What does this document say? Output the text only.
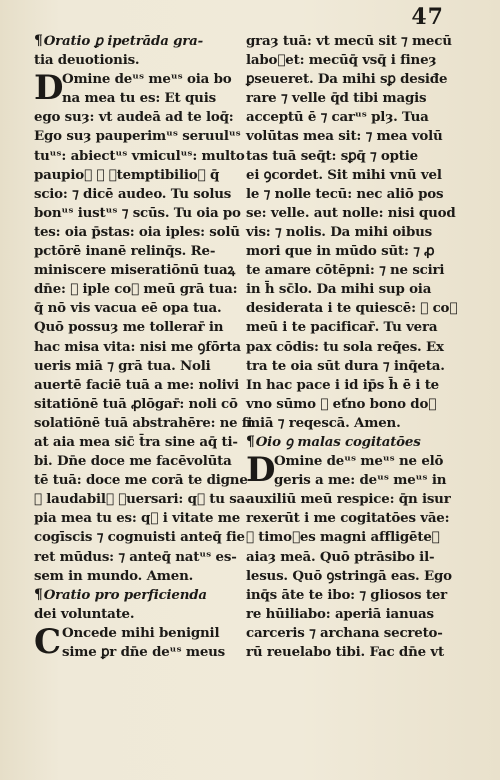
47
¶Oratio ꝑ ipetrāda gra-
tia deuotionis.
D
Omine deᵘˢ meᵘˢ oia bo
na mea tu es: Et quis
ego suȝ: vt audeā ad te loq̄:
Ego suȝ pauperimᵘˢ seruulᵘˢ
tuᵘˢ: abiectᵘˢ vmiculᵘˢ: multo
paupio᷑ ⁊ ꝯtemptibilio᷑ q̄
scio: ⁊ dicē audeo. Tu solus
bonᵘˢ iustᵘˢ ⁊ scūs. Tu oia po
tes: oia p̄stas: oia iples: solū
pctōrē inanē relinq̄s. Re-
miniscere miseratiōnū tuaꝝ
dn̄e: ⁊ iple co᷑ meū grā tua:
q̄ nō vis vacua eē opa tua.
Quō possuȝ me tollerar̄ in
hac misa vita: nisi me ꝯfōrta
ueris miā ⁊ grā tua. Noli
auertē faciē tuā a me: nolivi
sitatiōnē tuā ꝓlōgar̄: noli cō
solatiōnē tuā abstrahēre: ne fi
at aia mea sic̄ t̄ra sine aq̄ ti-
bi. Dn̄e doce me facēvolūta
tē tuā: doce me corā te digne
⁊ laudabil᷑ ꝯuersari: q᷑ tu sa-
pia mea tu es: q᷑ i vitate me
cogīscis ⁊ cognuisti anteq̄ fie
ret mūdus: ⁊ anteq̄ natᵘˢ es-
sem in mundo. Amen.
¶Oratio pro perficienda
dei voluntate.
C Oncede mihi benignil
sime ꝑr dn̄e deᵘˢ meus
graȝ tuā: vt mecū sit ⁊ mecū
labo᷑et: mecūq̄ vsq̄ i fineȝ
ꝑseueret. Da mihi sꝑ desiđe
rare ⁊ velle q̄d tibi magis
acceptū ē ⁊ carᵘˢ plȝ. Tua
volūtas mea sit: ⁊ mea volū
tas tuā seq̄t: sꝑq̄ ⁊ optie
ei ꝯcordet. Sit mihi vnū vel
le ⁊ nolle tecū: nec aliō pos
se: velle. aut nolle: nisi quod
vis: ⁊ nolis. Da mihi oibus
mori que in mūdo sūt: ⁊ ꝓ
te amare cōtēpni: ⁊ ne sciri
in h̄ sc̄lo. Da mihi sup oia
desiderata i te quiescē: ⁊ co᷑
meū i te pacificar̄. Tu vera
pax cōdis: tu sola req̄es. Ex
tra te oia sūt dura ⁊ inq̄eta.
In hac pace i id ip̄s h̄ ē i te
vno sūmo ⁊ eťno bono do᷑
miā ⁊ reqescā. Amen.
¶Oio ꝯ malas cogitatōes
D
Omine deᵘˢ meᵘˢ ne elō
geris a me: deᵘˢ meᵘˢ in
auxiliū meū respice: q̄n isur
rexerūt i me cogitatōes vāe:
⁊ timo᷑es magni affligēteꝯ
aiaȝ meā. Quō ptrāsibo il-
lesus. Quō ꝯstringā eas. Ego
inq̄s āte te ibo: ⁊ gliosos ter
re hūiliabo: aperiā ianuas
carceris ⁊ archana secreto-
rū reuelabo tibi. Fac dn̄e vt
